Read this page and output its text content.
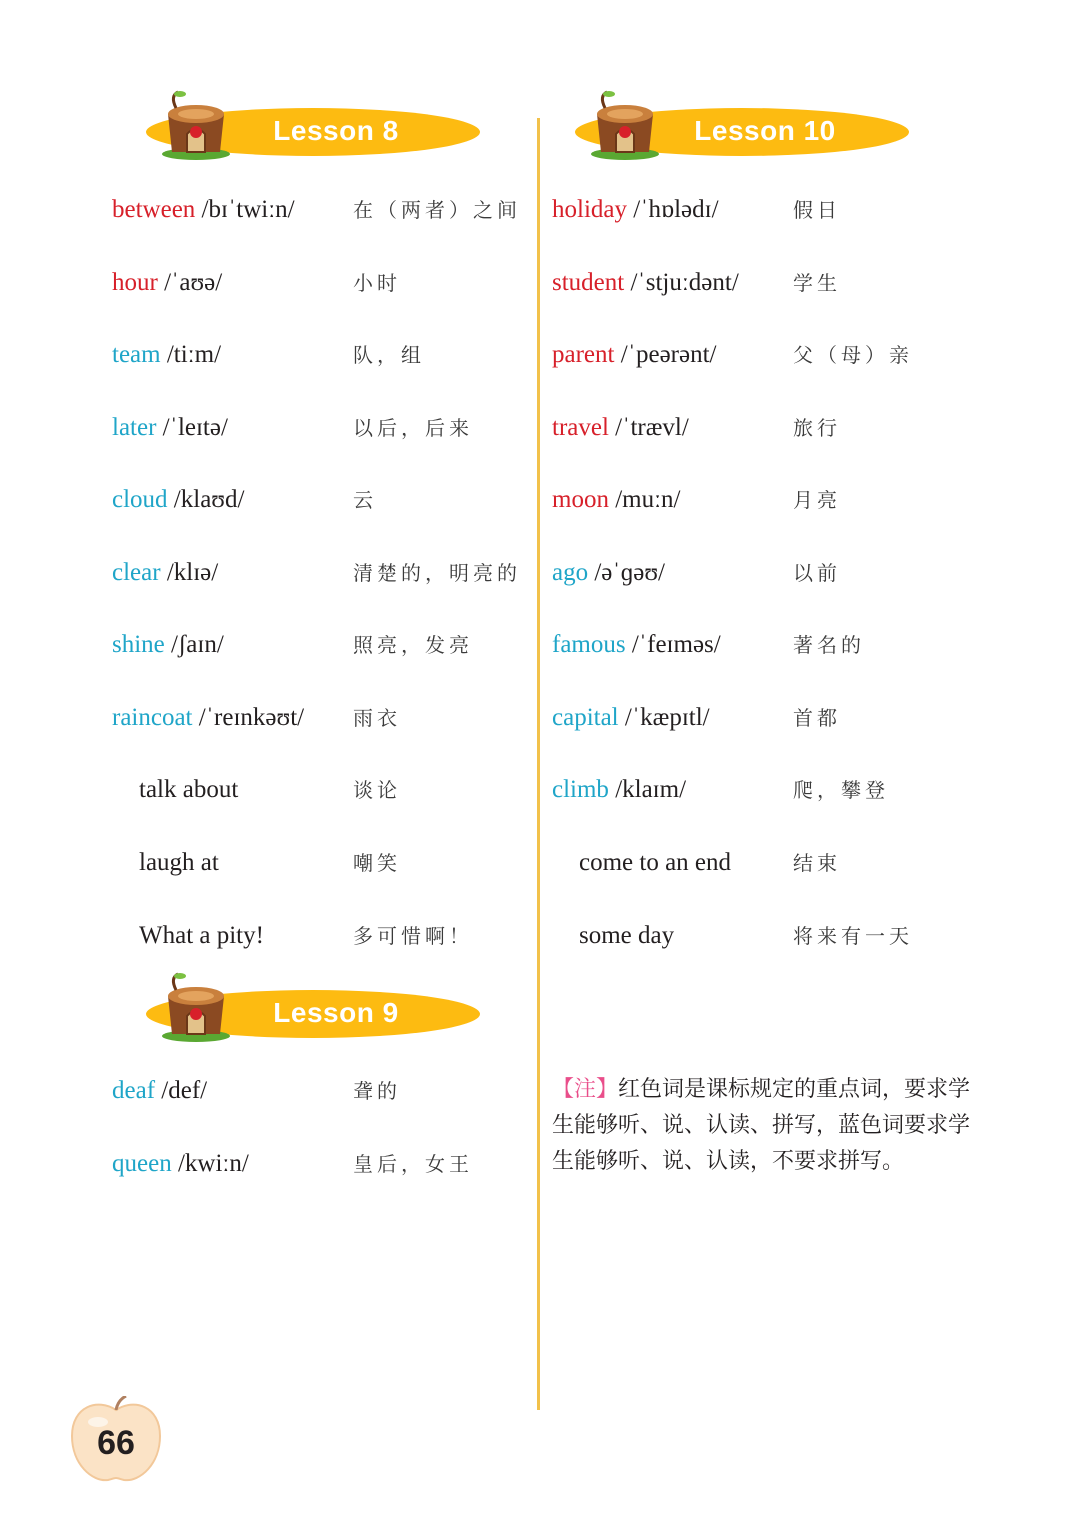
Lesson 8	Lesson 10
Lesson 9
between /bɪˈtwiːn/	在（两者）之间
hour /ˈaʊə/	小时
team /tiːm/	队，组
later /ˈleɪtə/	以后，后来
cloud /klaʊd/	云
clear /klɪə/	清楚的，明亮的
shine /ʃaɪn/	照亮，发亮
raincoat /ˈreɪnkəʊt/ 雨衣
talk about	谈论
laugh at	嘲笑
What a pity!	多可惜啊！
deaf /def/	聋的
queen /kwiːn/	皇后，女王
holiday /ˈhɒlədɪ/	假日
student /ˈstjuːdənt/	学生
parent /ˈpeərənt/	父（母）亲
travel /ˈtrævl/	旅行
moon /muːn/	月亮
ago /əˈɡəʊ/	以前
famous /ˈfeɪməs/	著名的
capital /ˈkæpɪtl/	首都
climb /klaɪm/	爬，攀登
come to an end	结束
some day	将来有一天
【注】红色词是课标规定的重点词，要求学生能够听、说、认读、拼写，蓝色词要求学生能够听、说、认读，不要求拼写。
66
